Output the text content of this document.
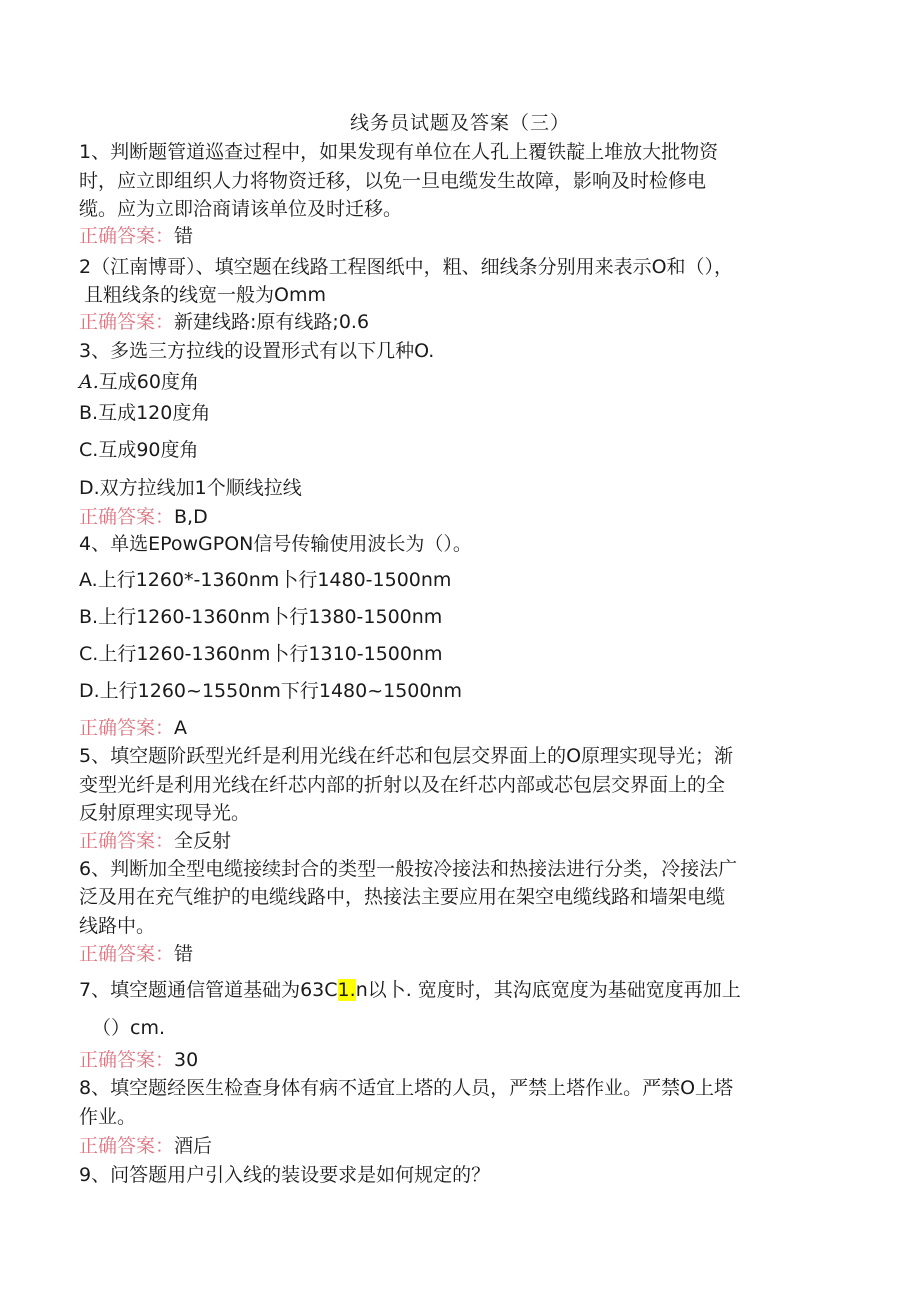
线务员试题及答案（三）
1、判断题管道巡查过程中，如果发现有单位在人孔上覆铁靛上堆放大批物资
时，应立即组织人力将物资迁移，以免一旦电缆发生故障，影响及时检修电
缆。应为立即洽商请该单位及时迁移。
正确答案：错
2（江南博哥）、填空题在线路工程图纸中，粗、细线条分别用来表示O和（），
且粗线条的线宽一般为Omm
正确答案：新建线路:原有线路;0.6
3、多选三方拉线的设置形式有以下几种O.
A.互成60度角
B.互成120度角
C.互成90度角
D.双方拉线加1个顺线拉线
正确答案：B,D
4、单选EPowGPON信号传输使用波长为（）。
A.上行1260*-1360nm卜行1480-1500nm
B.上行1260-1360nm卜行1380-1500nm
C.上行1260-1360nm卜行1310-1500nm
D.上行1260~1550nm下行1480~1500nm
正确答案：A
5、填空题阶跃型光纤是利用光线在纤芯和包层交界面上的O原理实现导光；渐
变型光纤是利用光线在纤芯内部的折射以及在纤芯内部或芯包层交界面上的全
反射原理实现导光。
正确答案：全反射
6、判断加全型电缆接续封合的类型一般按冷接法和热接法进行分类，冷接法广
泛及用在充气维护的电缆线路中，热接法主要应用在架空电缆线路和墙架电缆
线路中。
正确答案：错
7、填空题通信管道基础为63C1.n以卜. 宽度时，其沟底宽度为基础宽度再加上
（）cm.
正确答案：30
8、填空题经医生检查身体有病不适宜上塔的人员，严禁上塔作业。严禁O上塔
作业。
正确答案：酒后
9、问答题用户引入线的装设要求是如何规定的？
